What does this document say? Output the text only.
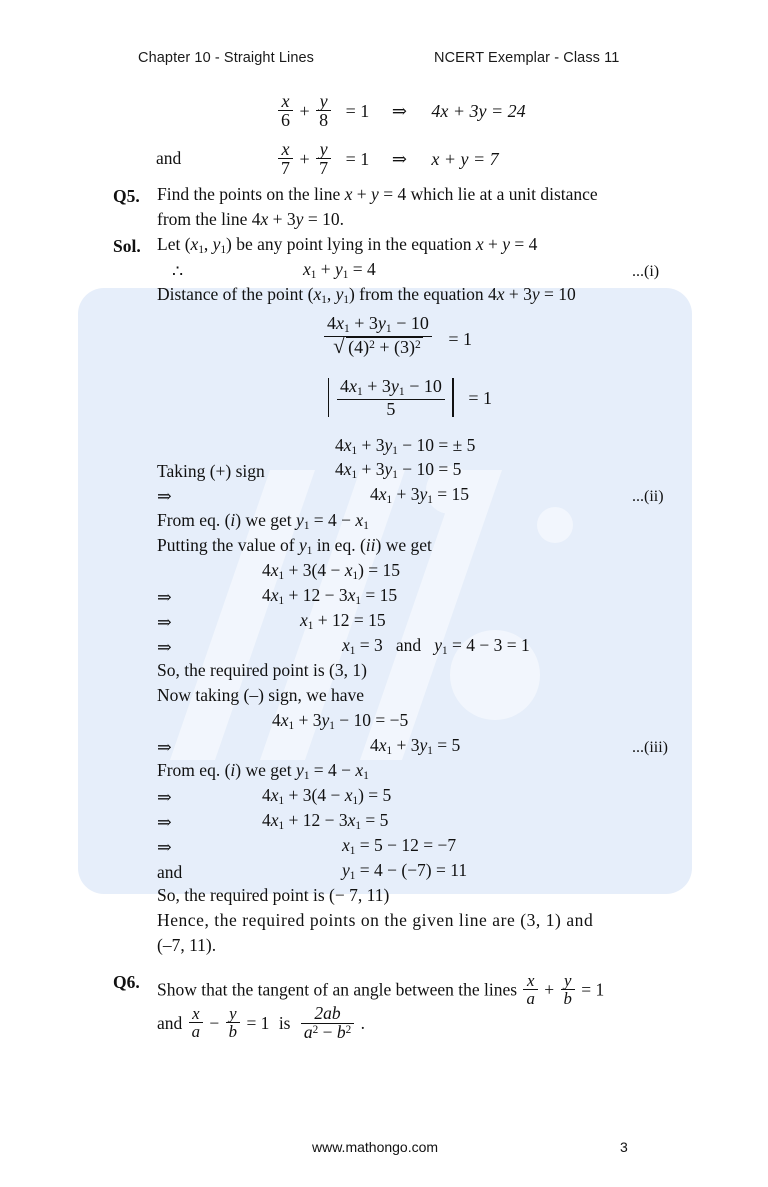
Chapter 10 - Straight Lines	NCERT Exemplar - Class 11
$\frac{x}{6} + \frac{y}{8} = 1$ ⇒ 4x + 3y = 24
and	$\frac{x}{7} + \frac{y}{7} = 1$ ⇒ x + y = 7
Q5. Find the points on the line x + y = 4 which lie at a unit distance
from the line 4x + 3y = 10.
Sol. Let ($x_1$, $y_1$) be any point lying in the equation x + y = 4
∴	$x_1 + y_1 = 4$	...(i)
Distance of the point ($x_1$, $y_1$) from the equation 4x + 3y = 10
$\frac{4x_1 + 3y_1 - 10}{√ (4)^2 + (3)^2} = 1$
$\frac{4x_1 + 3y_1 - 10}{5} = 1$
$4x_1 + 3y_1 - 10$ = ± 5
Taking (+) sign	$4x_1 + 3y_1 - 10 = 5$
⇒	$4x_1 + 3y_1 = 15$	...(ii)
From eq. (i) we get $y_1 = 4 - x_1$
Putting the value of $y_1$ in eq. (ii) we get
$4x_1 + 3(4 - x_1) = 15$
⇒	$4x_1 + 12 - 3x_1 = 15$
⇒	$x_1 + 12 = 15$
⇒	$x_1 = 3$   and   $y_1 = 4 - 3 = 1$
So, the required point is (3, 1)
Now taking (–) sign, we have
$4x_1 + 3y_1 - 10 = -5$
⇒	$4x_1 + 3y_1 = 5$	...(iii)
From eq. (i) we get $y_1 = 4 - x_1$
⇒	$4x_1 + 3(4 - x_1) = 5$
⇒	$4x_1 + 12 - 3x_1 = 5$
⇒	$x_1 = 5 - 12 = -7$
and	$y_1 = 4 - (-7) = 11$
So, the required point is (− 7, 11)
Hence, the required points on the given line are (3, 1) and
(–7, 11).
Q6. Show that the tangent of an angle between the lines $\frac{x}{a} + \frac{y}{b} = 1$
and $\frac{x}{a} - \frac{y}{b} = 1$ is $\frac{2ab}{a^2 - b^2}$ .
www.mathongo.com	3
